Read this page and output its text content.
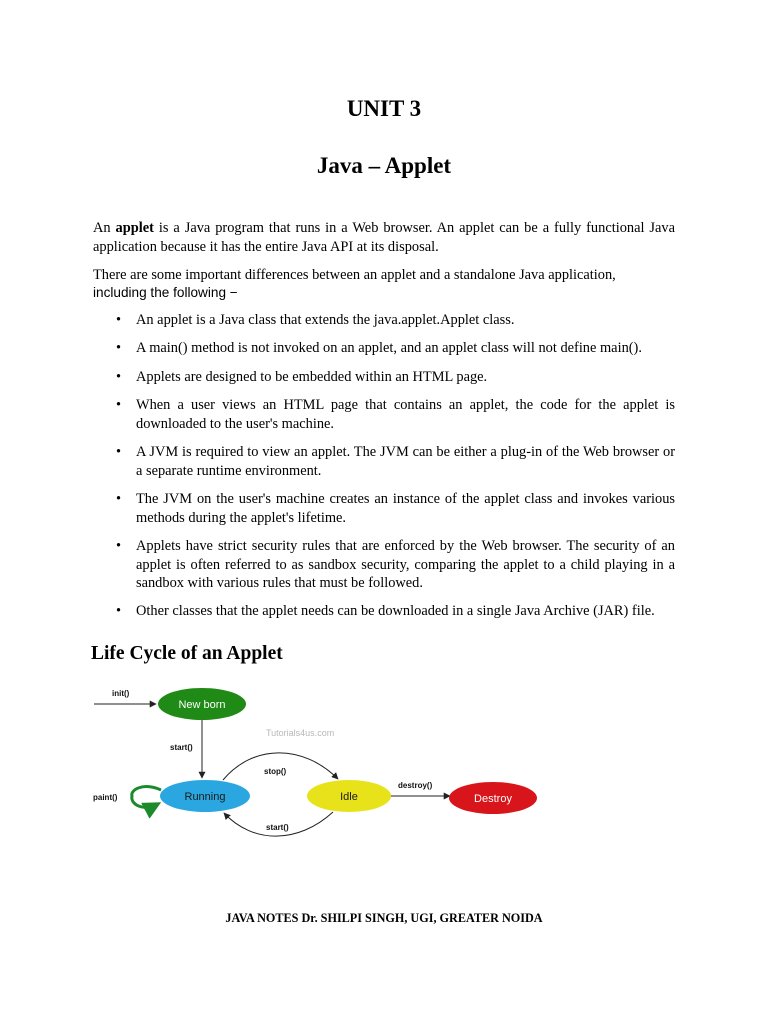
UNIT 3
Java – Applet

An applet is a Java program that runs in a Web browser. An applet can be a fully functional Java application because it has the entire Java API at its disposal.

There are some important differences between an applet and a standalone Java application,
including the following −

• An applet is a Java class that extends the java.applet.Applet class.
• A main() method is not invoked on an applet, and an applet class will not define main().
• Applets are designed to be embedded within an HTML page.
• When a user views an HTML page that contains an applet, the code for the applet is downloaded to the user's machine.
• A JVM is required to view an applet. The JVM can be either a plug-in of the Web browser or a separate runtime environment.
• The JVM on the user's machine creates an instance of the applet class and invokes various methods during the applet's lifetime.
• Applets have strict security rules that are enforced by the Web browser. The security of an applet is often referred to as sandbox security, comparing the applet to a child playing in a sandbox with various rules that must be followed.
• Other classes that the applet needs can be downloaded in a single Java Archive (JAR) file.
Life Cycle of an Applet
Tutorials4us.com
init()
New born
start()
Running
paint()
stop()
Idle
start()
destroy()
Destroy
JAVA NOTES Dr. SHILPI SINGH, UGI, GREATER NOIDA
